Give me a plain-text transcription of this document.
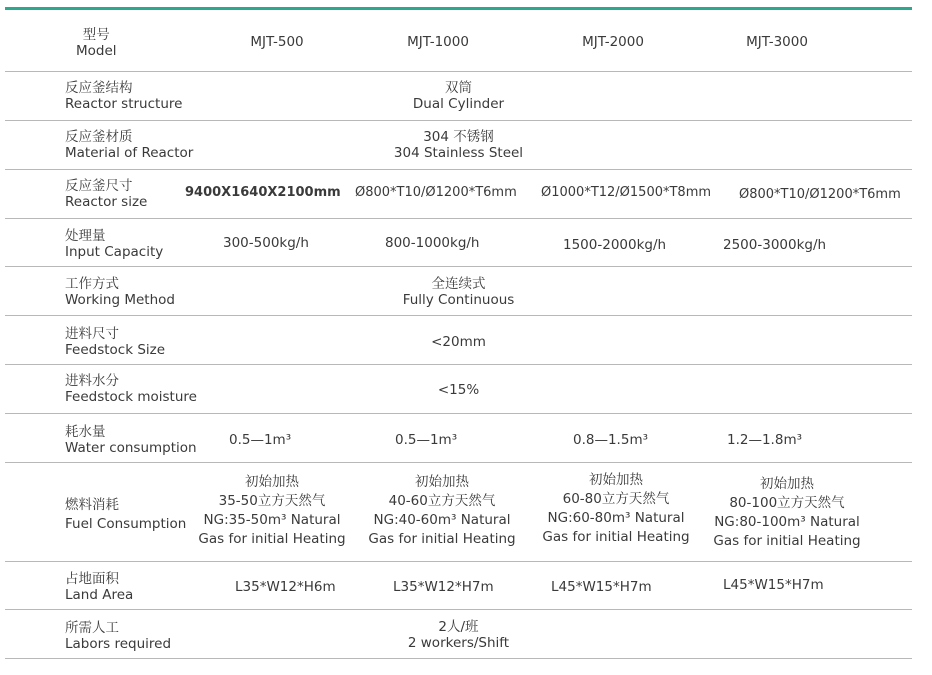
型号
Model
MJT-500	MJT-1000	MJT-2000	MJT-3000
反应釜结构
Reactor structure
双筒
Dual Cylinder
反应釜材质
Material of Reactor
304 不锈钢
304 Stainless Steel
反应釜尺寸
Reactor size
9400X1640X2100mm Ø800*T10/Ø1200*T6mm Ø1000*T12/Ø1500*T8mm Ø800*T10/Ø1200*T6mm
处理量
Input Capacity
300-500kg/h	800-1000kg/h	1500-2000kg/h	2500-3000kg/h
工作方式
Working Method
全连续式
Fully Continuous
进料尺寸
Feedstock Size	<20mm
进料水分
Feedstock moisture	<15%
耗水量
Water consumption 0.5—1m³	0.5—1m³	0.8—1.5m³	1.2—1.8m³
燃料消耗
Fuel Consumption
初始加热
35-50立方天然气
NG:35-50m³ Natural
Gas for initial Heating
初始加热
40-60立方天然气
NG:40-60m³ Natural
Gas for initial Heating
初始加热
60-80立方天然气
NG:60-80m³ Natural
Gas for initial Heating
初始加热
80-100立方天然气
NG:80-100m³ Natural
Gas for initial Heating
占地面积
Land Area	L35*W12*H6m	L35*W12*H7m	L45*W15*H7m	L45*W15*H7m
所需人工
Labors required
2人/班
2 workers/Shift
